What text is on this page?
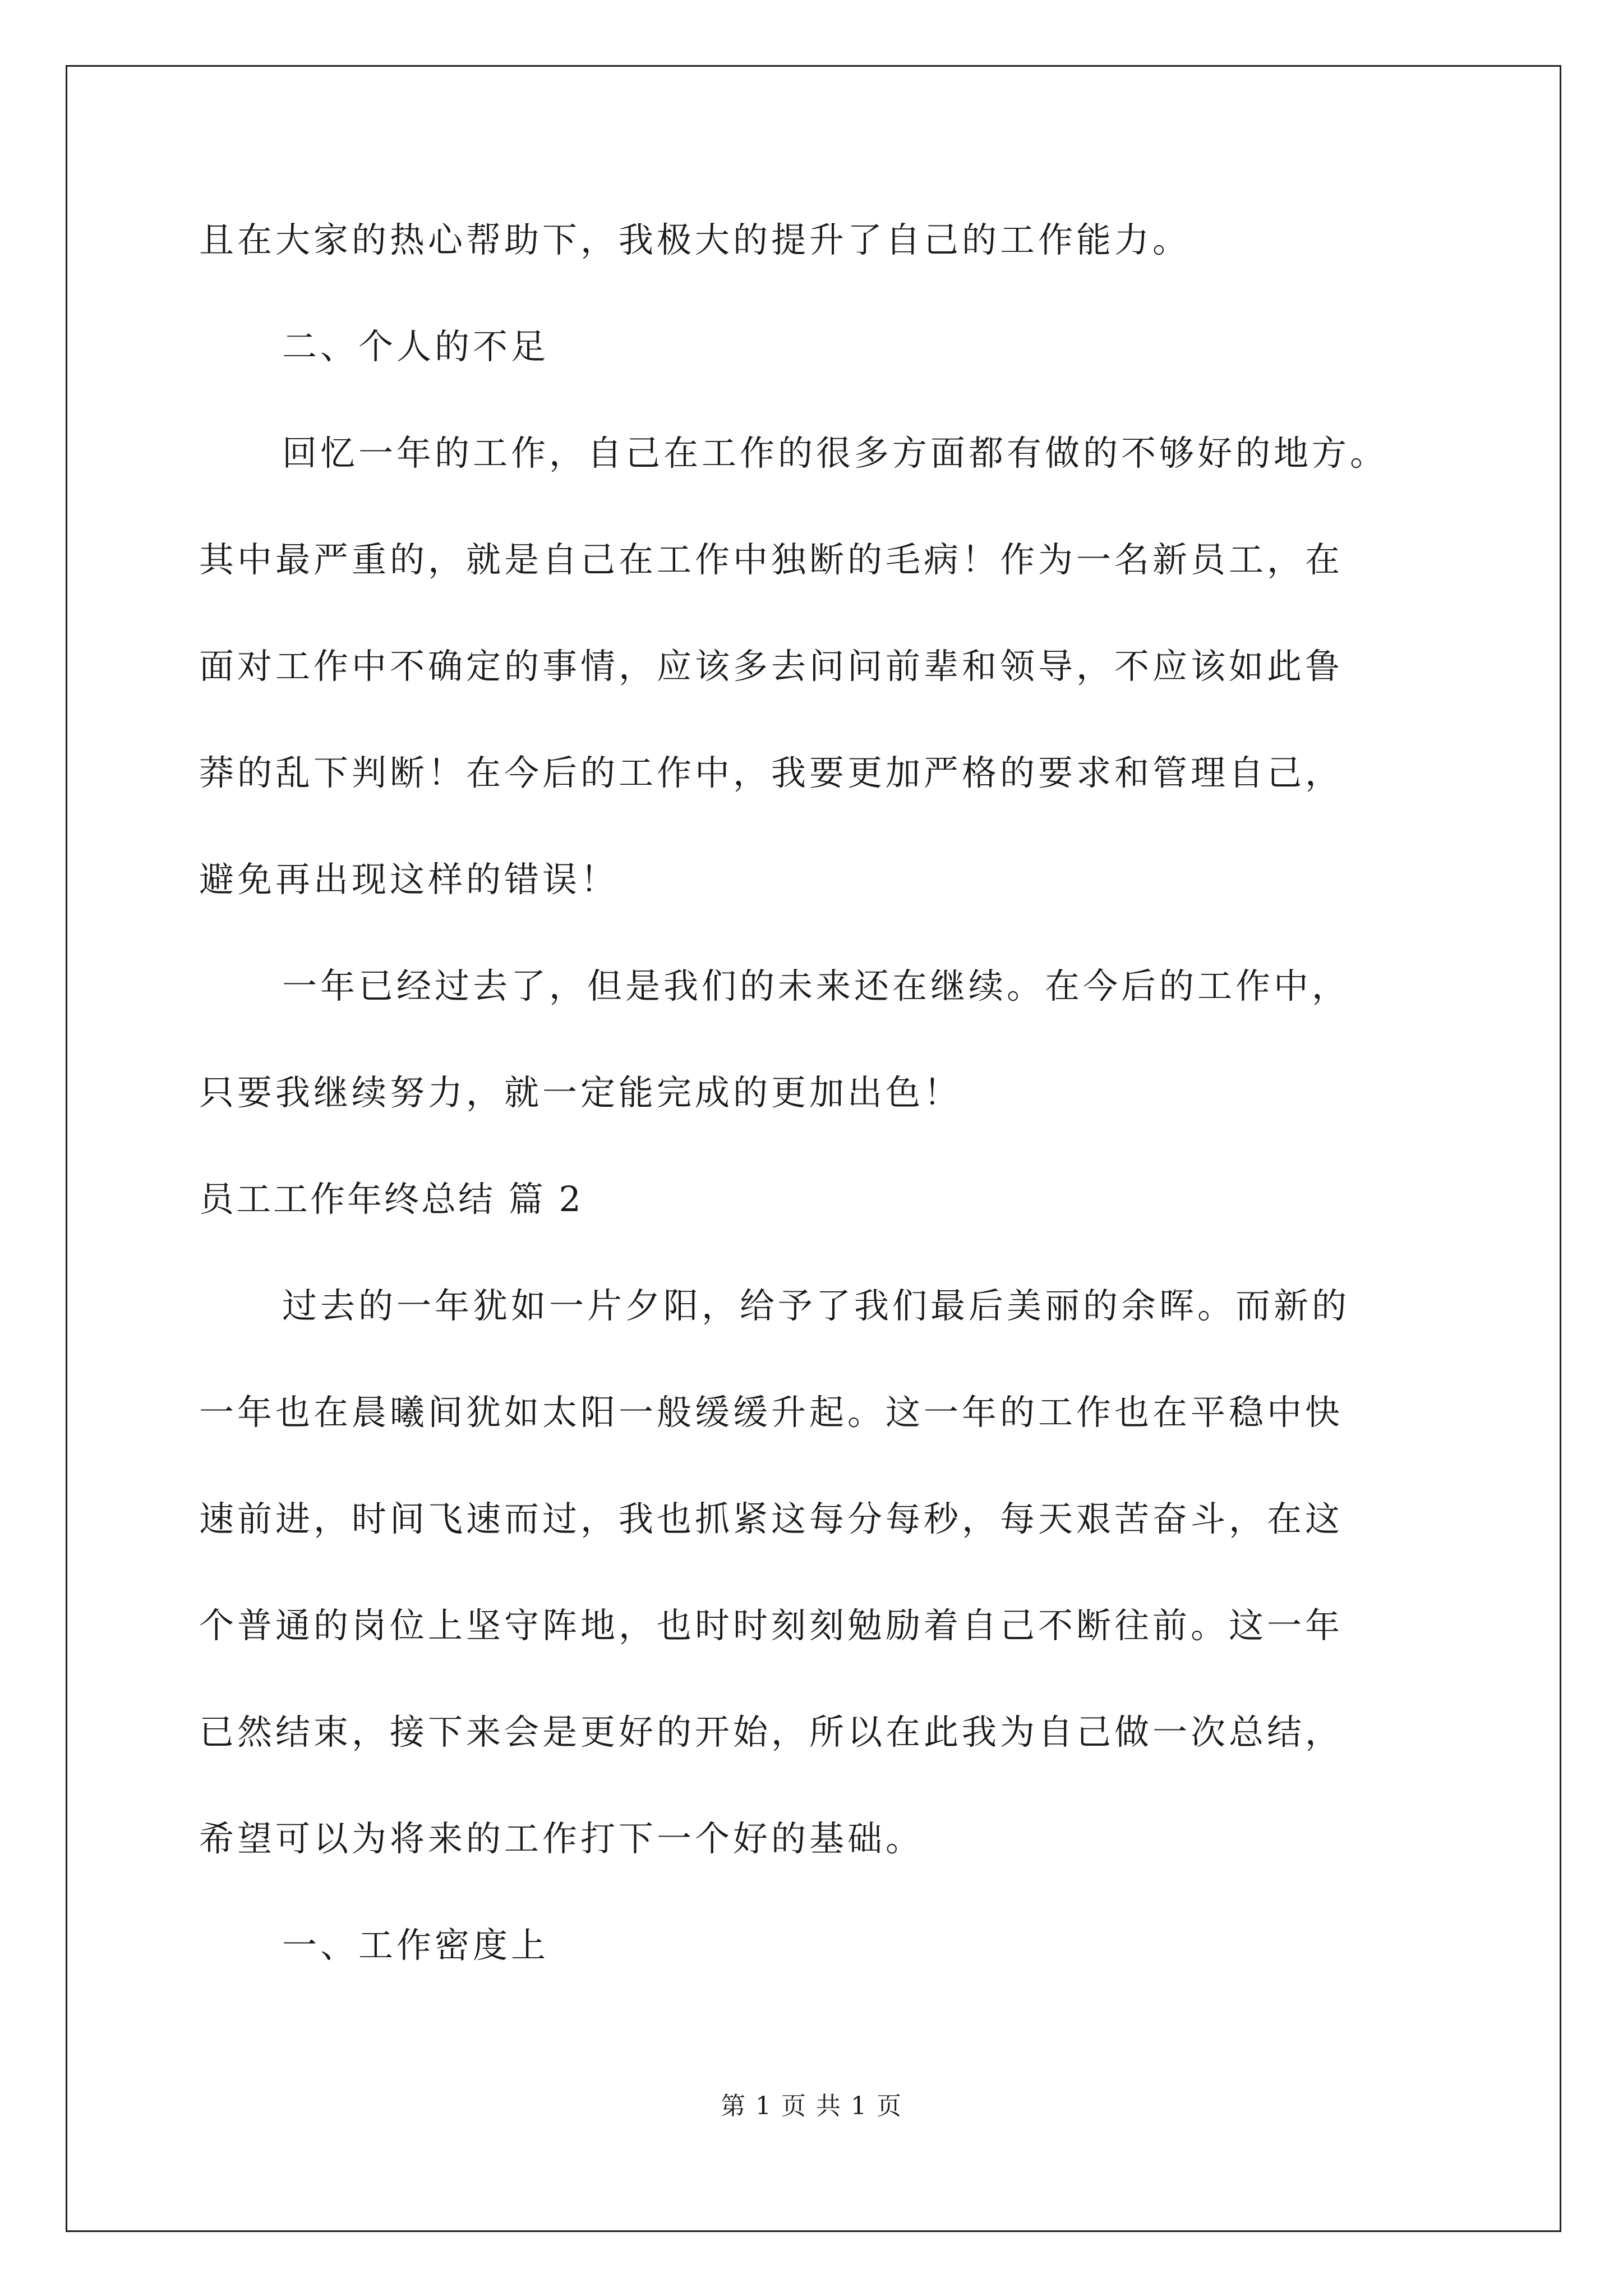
且在大家的热心帮助下，我极大的提升了自己的工作能力。
二、个人的不足
回忆一年的工作，自己在工作的很多方面都有做的不够好的地方。
其中最严重的，就是自己在工作中独断的毛病！作为一名新员工，在
面对工作中不确定的事情，应该多去问问前辈和领导，不应该如此鲁
莽的乱下判断！在今后的工作中，我要更加严格的要求和管理自己，
避免再出现这样的错误！
一年已经过去了，但是我们的未来还在继续。在今后的工作中，
只要我继续努力，就一定能完成的更加出色！
员工工作年终总结 篇 2
过去的一年犹如一片夕阳，给予了我们最后美丽的余晖。而新的
一年也在晨曦间犹如太阳一般缓缓升起。这一年的工作也在平稳中快
速前进，时间飞速而过，我也抓紧这每分每秒，每天艰苦奋斗，在这
个普通的岗位上坚守阵地，也时时刻刻勉励着自己不断往前。这一年
已然结束，接下来会是更好的开始，所以在此我为自己做一次总结，
希望可以为将来的工作打下一个好的基础。
一、工作密度上
第 1 页 共 1 页
